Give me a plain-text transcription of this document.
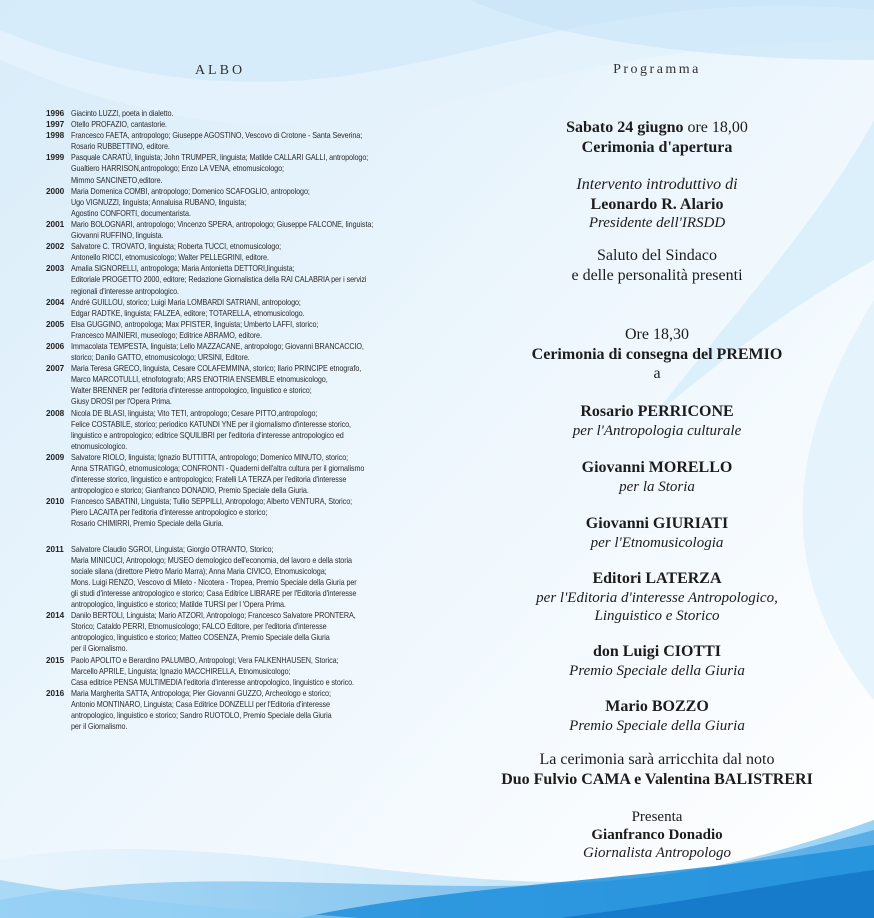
ALBO
1996 Giacinto LUZZI, poeta in dialetto.
1997 Otello PROFAZIO, cantastorie.
1998 Francesco FAETA, antropologo; Giuseppe AGOSTINO, Vescovo di Crotone - Santa Severina;
Rosario RUBBETTINO, editore.
1999 Pasquale CARATÙ, linguista; John TRUMPER, linguista; Matilde CALLARI GALLI, antropologo;
Gualtiero HARRISON,antropologo; Enzo LA VENA, etnomusicologo;
Mimmo SANCINETO,editore.
2000 Maria Domenica COMBI, antropologo; Domenico SCAFOGLIO, antropologo;
Ugo VIGNUZZI, linguista; Annaluisa RUBANO, linguista;
Agostino CONFORTI, documentarista.
2001 Mario BOLOGNARI, antropologo; Vincenzo SPERA, antropologo; Giuseppe FALCONE, linguista;
Giovanni RUFFINO, linguista.
2002 Salvatore C. TROVATO, linguista; Roberta TUCCI, etnomusicologo;
Antonello RICCI, etnomusicologo; Walter PELLEGRINI, editore.
2003 Amalia SIGNORELLI, antropologa; Maria Antonietta DETTORI,linguista;
Editoriale PROGETTO 2000, editore; Redazione Giornalistica della RAI CALABRIA per i servizi
regionali d'interesse antropologico.
2004 André GUILLOU, storico; Luigi Maria LOMBARDI SATRIANI, antropologo;
Edgar RADTKE, linguista; FALZEA, editore; TOTARELLA, etnomusicologo.
2005 Elsa GUGGINO, antropologa; Max PFISTER, linguista; Umberto LAFFI, storico;
Francesco MAINIERI, museologo; Editrice ABRAMO, editore.
2006 Immacolata TEMPESTA, linguista; Lello MAZZACANE, antropologo; Giovanni BRANCACCIO,
storico; Danilo GATTO, etnomusicologo; URSINI, Editore.
2007 Maria Teresa GRECO, linguista, Cesare COLAFEMMINA, storico; Ilario PRINCIPE etnografo,
Marco MARCOTULLI, etnofotografo; ARS ENOTRIA ENSEMBLE etnomusicologo,
Walter BRENNER per l'editoria d'interesse antropologico, linguistico e storico;
Giusy DROSI per l'Opera Prima.
2008 Nicola DE BLASI, linguista; Vito TETI, antropologo; Cesare PITTO,antropologo;
Felice COSTABILE, storico; periodico KATUNDI YNE per il giornalismo d'interesse storico,
linguistico e antropologico; editrice SQUILIBRI per l'editoria d'interesse antropologico ed
etnomusicologico.
2009 Salvatore RIOLO, linguista; Ignazio BUTTITTA, antropologo; Domenico MINUTO, storico;
Anna STRATIGÒ, etnomusicologa; CONFRONTI - Quaderni dell'altra cultura per il giornalismo
d'interesse storico, linguistico e antropologico; Fratelli LA TERZA per l'editoria d'interesse
antropologico e storico; Gianfranco DONADIO, Premio Speciale della Giuria.
2010 Francesco SABATINI, Linguista; Tullio SEPPILLI, Antropologo; Alberto VENTURA, Storico;
Piero LACAITA per l'editoria d'interesse antropologico e storico;
Rosario CHIMIRRI, Premio Speciale della Giuria.
2011 Salvatore Claudio SGROI, Linguista; Giorgio OTRANTO, Storico;
Maria MINICUCI, Antropologo; MUSEO demologico dell'economia, del lavoro e della storia
sociale silana (direttore Pietro Mario Marra); Anna Maria CIVICO, Etnomusicologa;
Mons. Luigi RENZO, Vescovo di Mileto - Nicotera - Tropea, Premio Speciale della Giuria per
gli studi d'interesse antropologico e storico; Casa Editrice LIBRARE per l'Editoria d'interesse
antropologico, linguistico e storico; Matilde TURSI per l 'Opera Prima.
2014 Danilo BERTOLI, Linguista; Mario ATZORI, Antropologo; Francesco Salvatore PRONTERA,
Storico; Cataldo PERRI, Etnomusicologo; FALCO Editore, per l'editoria d'interesse
antropologico, linguistico e storico; Matteo COSENZA, Premio Speciale della Giuria
per il Giornalismo.
2015 Paolo APOLITO e Berardino PALUMBO, Antropologi; Vera FALKENHAUSEN, Storica;
Marcello APRILE, Linguista; Ignazio MACCHIRELLA, Etnomusicologo;
Casa editrice PENSA MULTIMEDIA l'editoria d'interesse antropologico, linguistico e storico.
2016 Maria Margherita SATTA, Antropologa; Pier Giovanni GUZZO, Archeologo e storico;
Antonio MONTINARO, Linguista; Casa Editrice DONZELLI per l'Editoria d'interesse
antropologico, linguistico e storico; Sandro RUOTOLO, Premio Speciale della Giuria
per il Giornalismo.
Programma
Sabato 24 giugno ore 18,00
Cerimonia d'apertura
Intervento introduttivo di
Leonardo R. Alario
Presidente dell'IRSDD
Saluto del Sindaco
e delle personalità presenti
Ore 18,30
Cerimonia di consegna del PREMIO
a
Rosario PERRICONE
per l'Antropologia culturale
Giovanni MORELLO
per la Storia
Giovanni GIURIATI
per l'Etnomusicologia
Editori LATERZA
per l'Editoria d'interesse Antropologico,
Linguistico e Storico
don Luigi CIOTTI
Premio Speciale della Giuria
Mario BOZZO
Premio Speciale della Giuria
La cerimonia sarà arricchita dal noto
Duo Fulvio CAMA e Valentina BALISTRERI
Presenta
Gianfranco Donadio
Giornalista Antropologo
